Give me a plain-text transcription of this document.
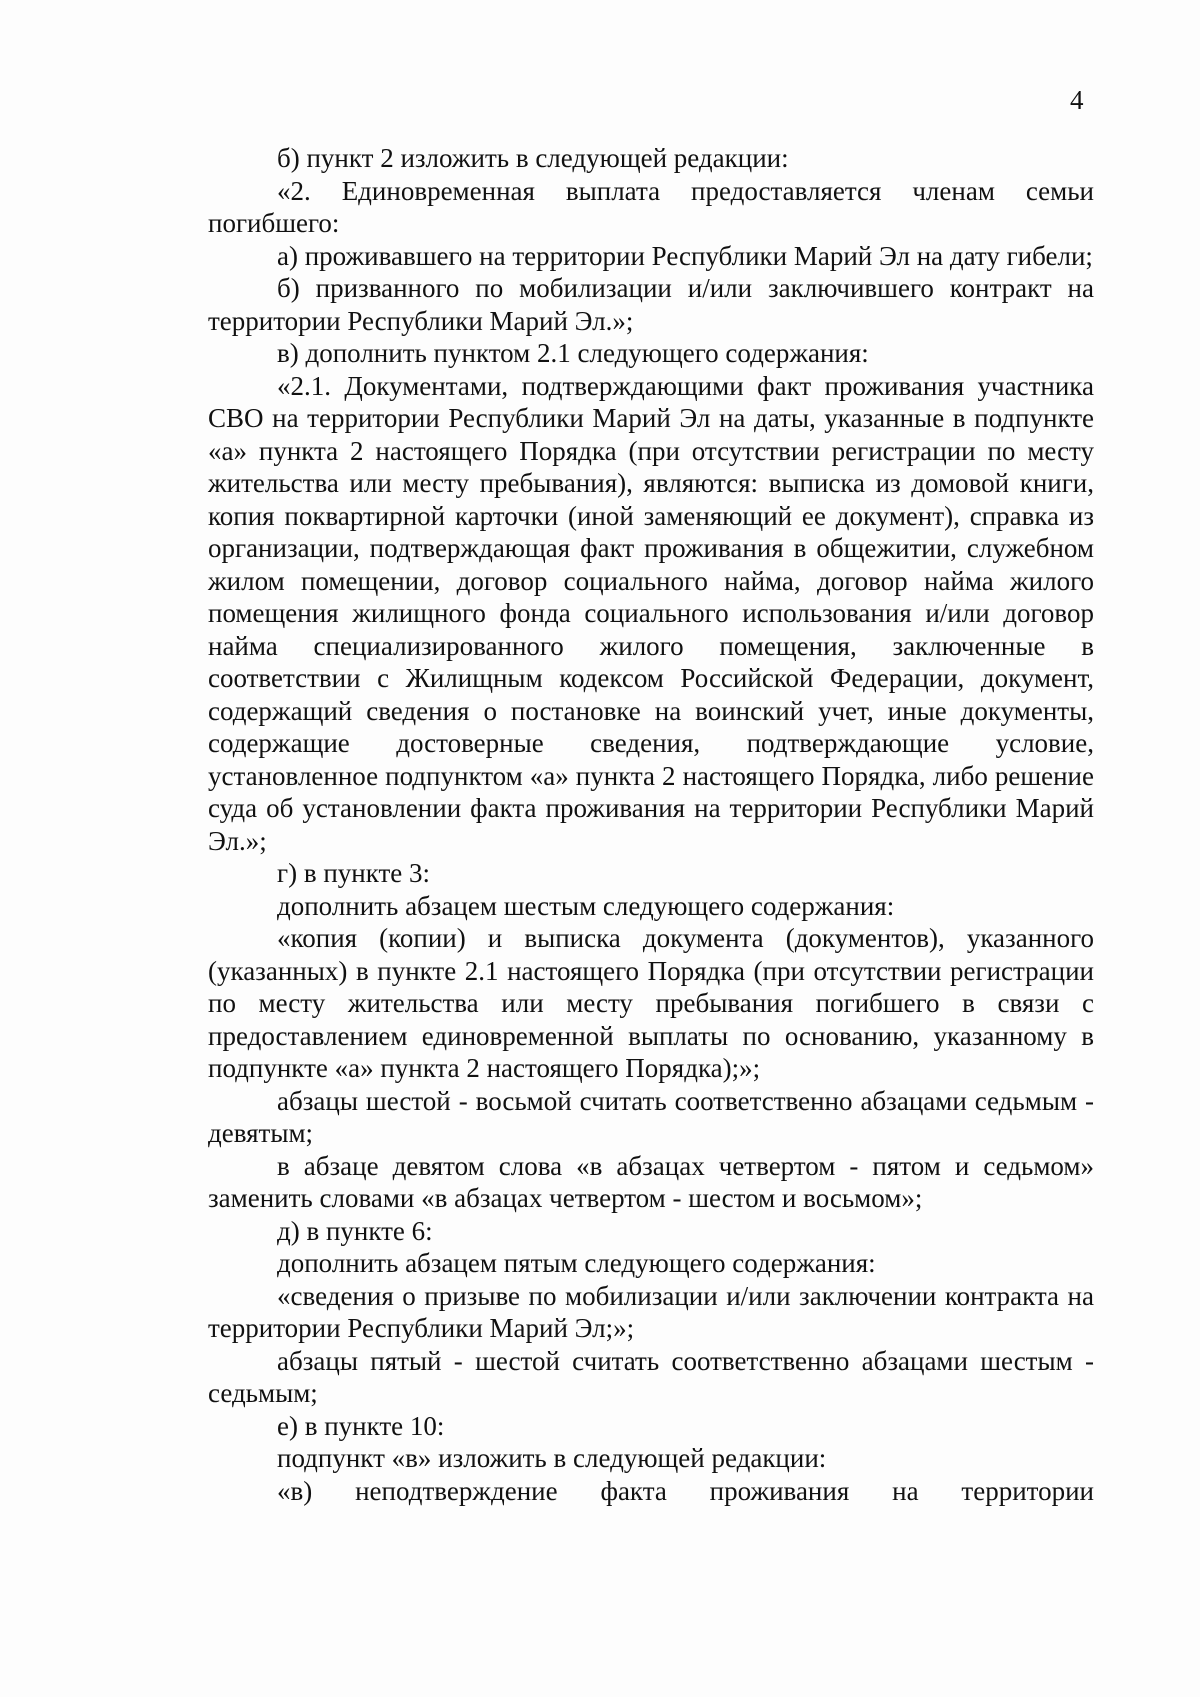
4

б) пункт 2 изложить в следующей редакции:

«2. Единовременная выплата предоставляется членам семьи погибшего:

а) проживавшего на территории Республики Марий Эл на дату гибели;

б) призванного по мобилизации и/или заключившего контракт на территории Республики Марий Эл.»;

в) дополнить пунктом 2.1 следующего содержания:

«2.1. Документами, подтверждающими факт проживания участника СВО на территории Республики Марий Эл на даты, указанные в подпункте «а» пункта 2 настоящего Порядка (при отсутствии регистрации по месту жительства или месту пребывания), являются: выписка из домовой книги, копия поквартирной карточки (иной заменяющий ее документ), справка из организации, подтверждающая факт проживания в общежитии, служебном жилом помещении, договор социального найма, договор найма жилого помещения жилищного фонда социального использования и/или договор найма специализированного жилого помещения, заключенные в соответствии с Жилищным кодексом Российской Федерации, документ, содержащий сведения о постановке на воинский учет, иные документы, содержащие достоверные сведения, подтверждающие условие, установленное подпунктом «а» пункта 2 настоящего Порядка, либо решение суда об установлении факта проживания на территории Республики Марий Эл.»;

г) в пункте 3:

дополнить абзацем шестым следующего содержания:

«копия (копии) и выписка документа (документов), указанного (указанных) в пункте 2.1 настоящего Порядка (при отсутствии регистрации по месту жительства или месту пребывания погибшего в связи с предоставлением единовременной выплаты по основанию, указанному в подпункте «а» пункта 2 настоящего Порядка);»;

абзацы шестой - восьмой считать соответственно абзацами седьмым - девятым;

в абзаце девятом слова «в абзацах четвертом - пятом и седьмом» заменить словами «в абзацах четвертом - шестом и восьмом»;

д) в пункте 6:

дополнить абзацем пятым следующего содержания:

«сведения о призыве по мобилизации и/или заключении контракта на территории Республики Марий Эл;»;

абзацы пятый - шестой считать соответственно абзацами шестым - седьмым;

е) в пункте 10:

подпункт «в» изложить в следующей редакции:

«в) неподтверждение факта проживания на территории
